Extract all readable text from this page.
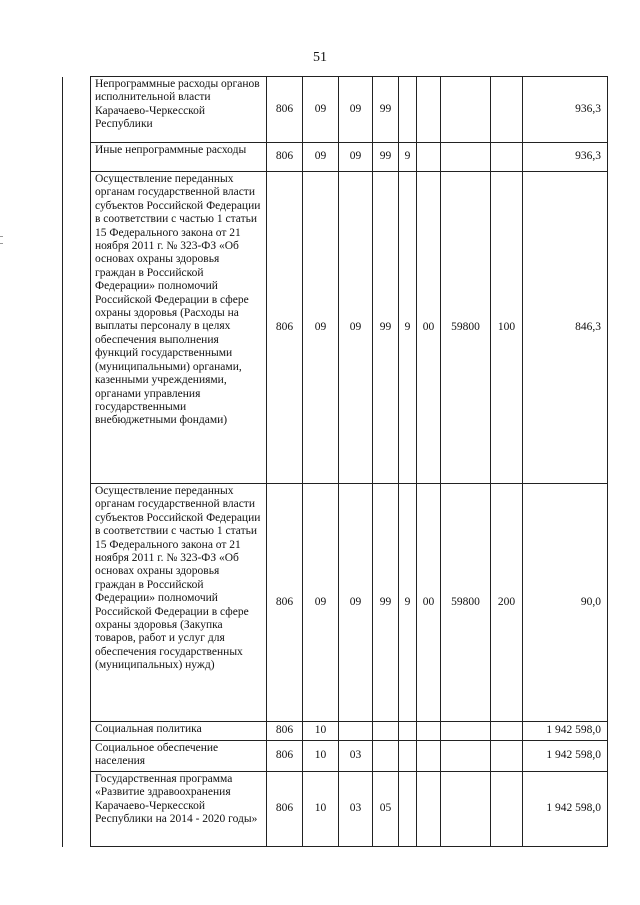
51
	Непрограммные расходы органов исполнительной власти Карачаево-Черкесской Республики	806	09	09	99					936,3
	Иные непрограммные расходы	806	09	09	99	9				936,3
	Осуществление переданных органам государственной власти субъектов Российской Федерации в соответствии с частью 1 статьи 15 Федерального закона от 21 ноября 2011 г. № 323-ФЗ «Об основах охраны здоровья граждан в Российской Федерации» полномочий Российской Федерации в сфере охраны здоровья (Расходы на выплаты персоналу в целях обеспечения выполнения функций государственными (муниципальными) органами, казенными учреждениями, органами управления государственными внебюджетными фондами)	806	09	09	99	9	00	59800	100	846,3
	Осуществление переданных органам государственной власти субъектов Российской Федерации в соответствии с частью 1 статьи 15 Федерального закона от 21 ноября 2011 г. № 323-ФЗ «Об основах охраны здоровья граждан в Российской Федерации» полномочий Российской Федерации в сфере охраны здоровья (Закупка товаров, работ и услуг для обеспечения государственных (муниципальных) нужд)	806	09	09	99	9	00	59800	200	90,0
	Социальная политика	806	10							1 942 598,0
	Социальное обеспечение населения	806	10	03						1 942 598,0
	Государственная программа «Развитие здравоохранения Карачаево-Черкесской Республики на 2014 - 2020 годы»	806	10	03	05					1 942 598,0
